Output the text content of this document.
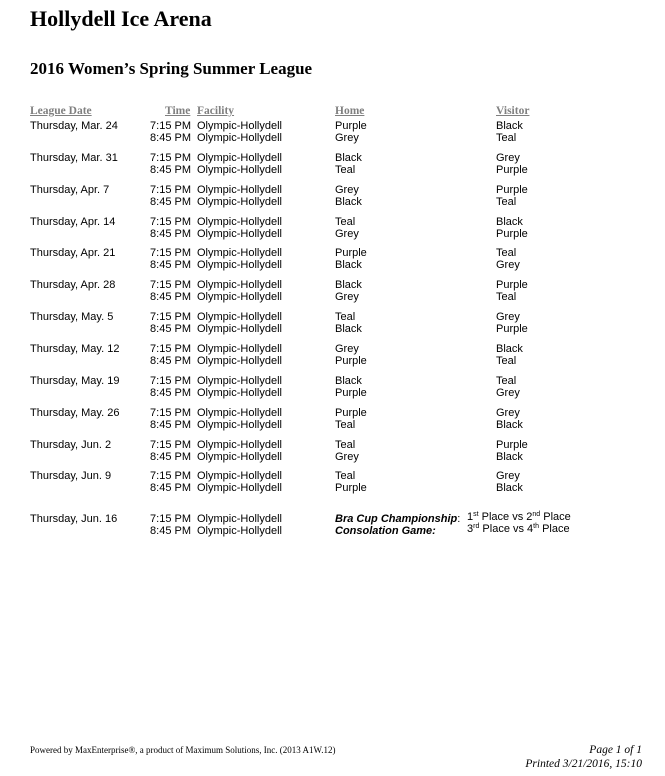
Hollydell Ice Arena
2016 Women’s Spring Summer League
League Date	Time Facility	Home	Visitor
Thursday, Mar. 24	7:15 PM Olympic-Hollydell	Purple	Black
8:45 PM Olympic-Hollydell	Grey	Teal
Thursday, Mar. 31	7:15 PM Olympic-Hollydell	Black	Grey
8:45 PM Olympic-Hollydell	Teal	Purple
Thursday, Apr. 7	7:15 PM Olympic-Hollydell	Grey	Purple
8:45 PM Olympic-Hollydell	Black	Teal
Thursday, Apr. 14	7:15 PM Olympic-Hollydell	Teal	Black
8:45 PM Olympic-Hollydell	Grey	Purple
Thursday, Apr. 21	7:15 PM Olympic-Hollydell	Purple	Teal
8:45 PM Olympic-Hollydell	Black	Grey
Thursday, Apr. 28	7:15 PM Olympic-Hollydell	Black	Purple
8:45 PM Olympic-Hollydell	Grey	Teal
Thursday, May. 5	7:15 PM Olympic-Hollydell	Teal	Grey
8:45 PM Olympic-Hollydell	Black	Purple
Thursday, May. 12	7:15 PM Olympic-Hollydell	Grey	Black
8:45 PM Olympic-Hollydell	Purple	Teal
Thursday, May. 19	7:15 PM Olympic-Hollydell	Black	Teal
8:45 PM Olympic-Hollydell	Purple	Grey
Thursday, May. 26	7:15 PM Olympic-Hollydell	Purple	Grey
8:45 PM Olympic-Hollydell	Teal	Black
Thursday, Jun. 2	7:15 PM Olympic-Hollydell	Teal	Purple
8:45 PM Olympic-Hollydell	Grey	Black
Thursday, Jun. 9	7:15 PM Olympic-Hollydell	Teal	Grey
8:45 PM Olympic-Hollydell	Purple	Black
Thursday, Jun. 16	7:15 PM Olympic-Hollydell	Bra Cup Championship: 1st Place vs 2nd Place
8:45 PM Olympic-Hollydell	Consolation Game:	3rd Place vs 4th Place
Powered by MaxEnterprise®, a product of Maximum Solutions, Inc. (2013 A1W.12)	Page 1 of 1
Printed 3/21/2016, 15:10
